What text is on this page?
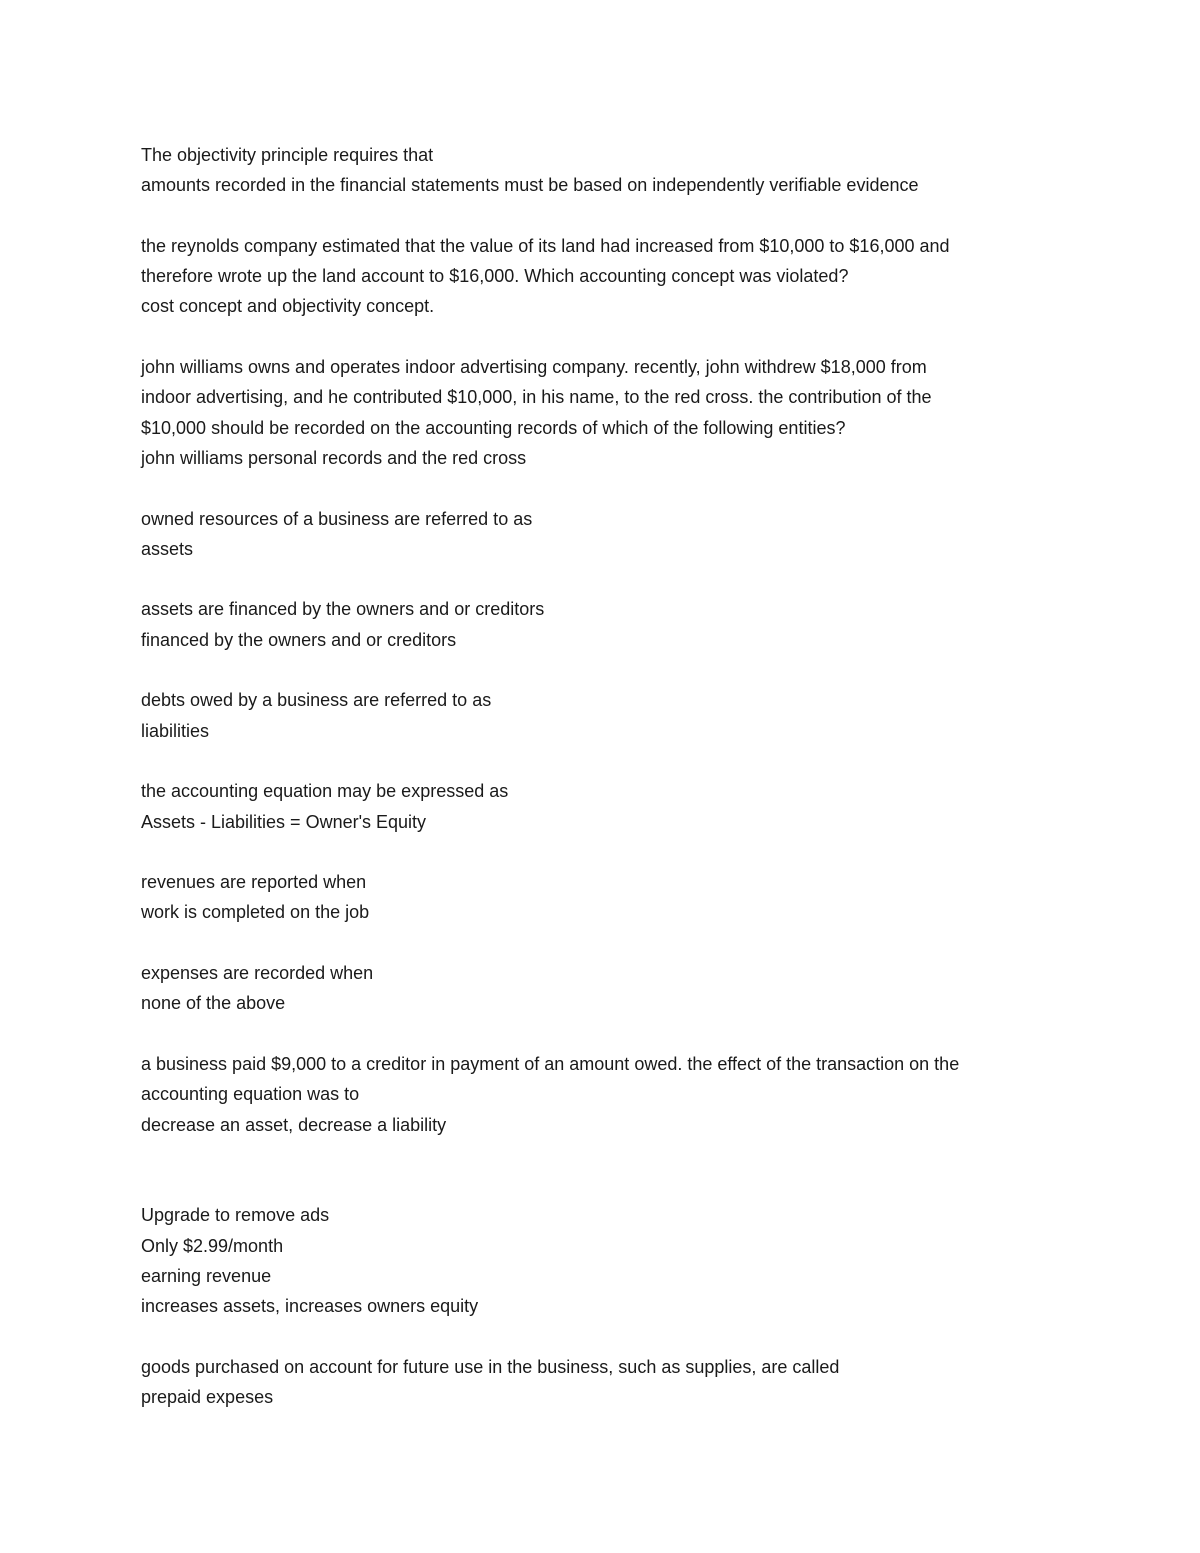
The objectivity principle requires that
amounts recorded in the financial statements must be based on independently verifiable evidence
the reynolds company estimated that the value of its land had increased from $10,000 to $16,000 and
therefore wrote up the land account to $16,000. Which accounting concept was violated?
cost concept and objectivity concept.
john williams owns and operates indoor advertising company. recently, john withdrew $18,000 from
indoor advertising, and he contributed $10,000, in his name, to the red cross. the contribution of the
$10,000 should be recorded on the accounting records of which of the following entities?
john williams personal records and the red cross
owned resources of a business are referred to as
assets
assets are financed by the owners and or creditors
financed by the owners and or creditors
debts owed by a business are referred to as
liabilities
the accounting equation may be expressed as
Assets - Liabilities = Owner's Equity
revenues are reported when
work is completed on the job
expenses are recorded when
none of the above
a business paid $9,000 to a creditor in payment of an amount owed. the effect of the transaction on the
accounting equation was to
decrease an asset, decrease a liability
Upgrade to remove ads
Only $2.99/month
earning revenue
increases assets, increases owners equity
goods purchased on account for future use in the business, such as supplies, are called
prepaid expeses
